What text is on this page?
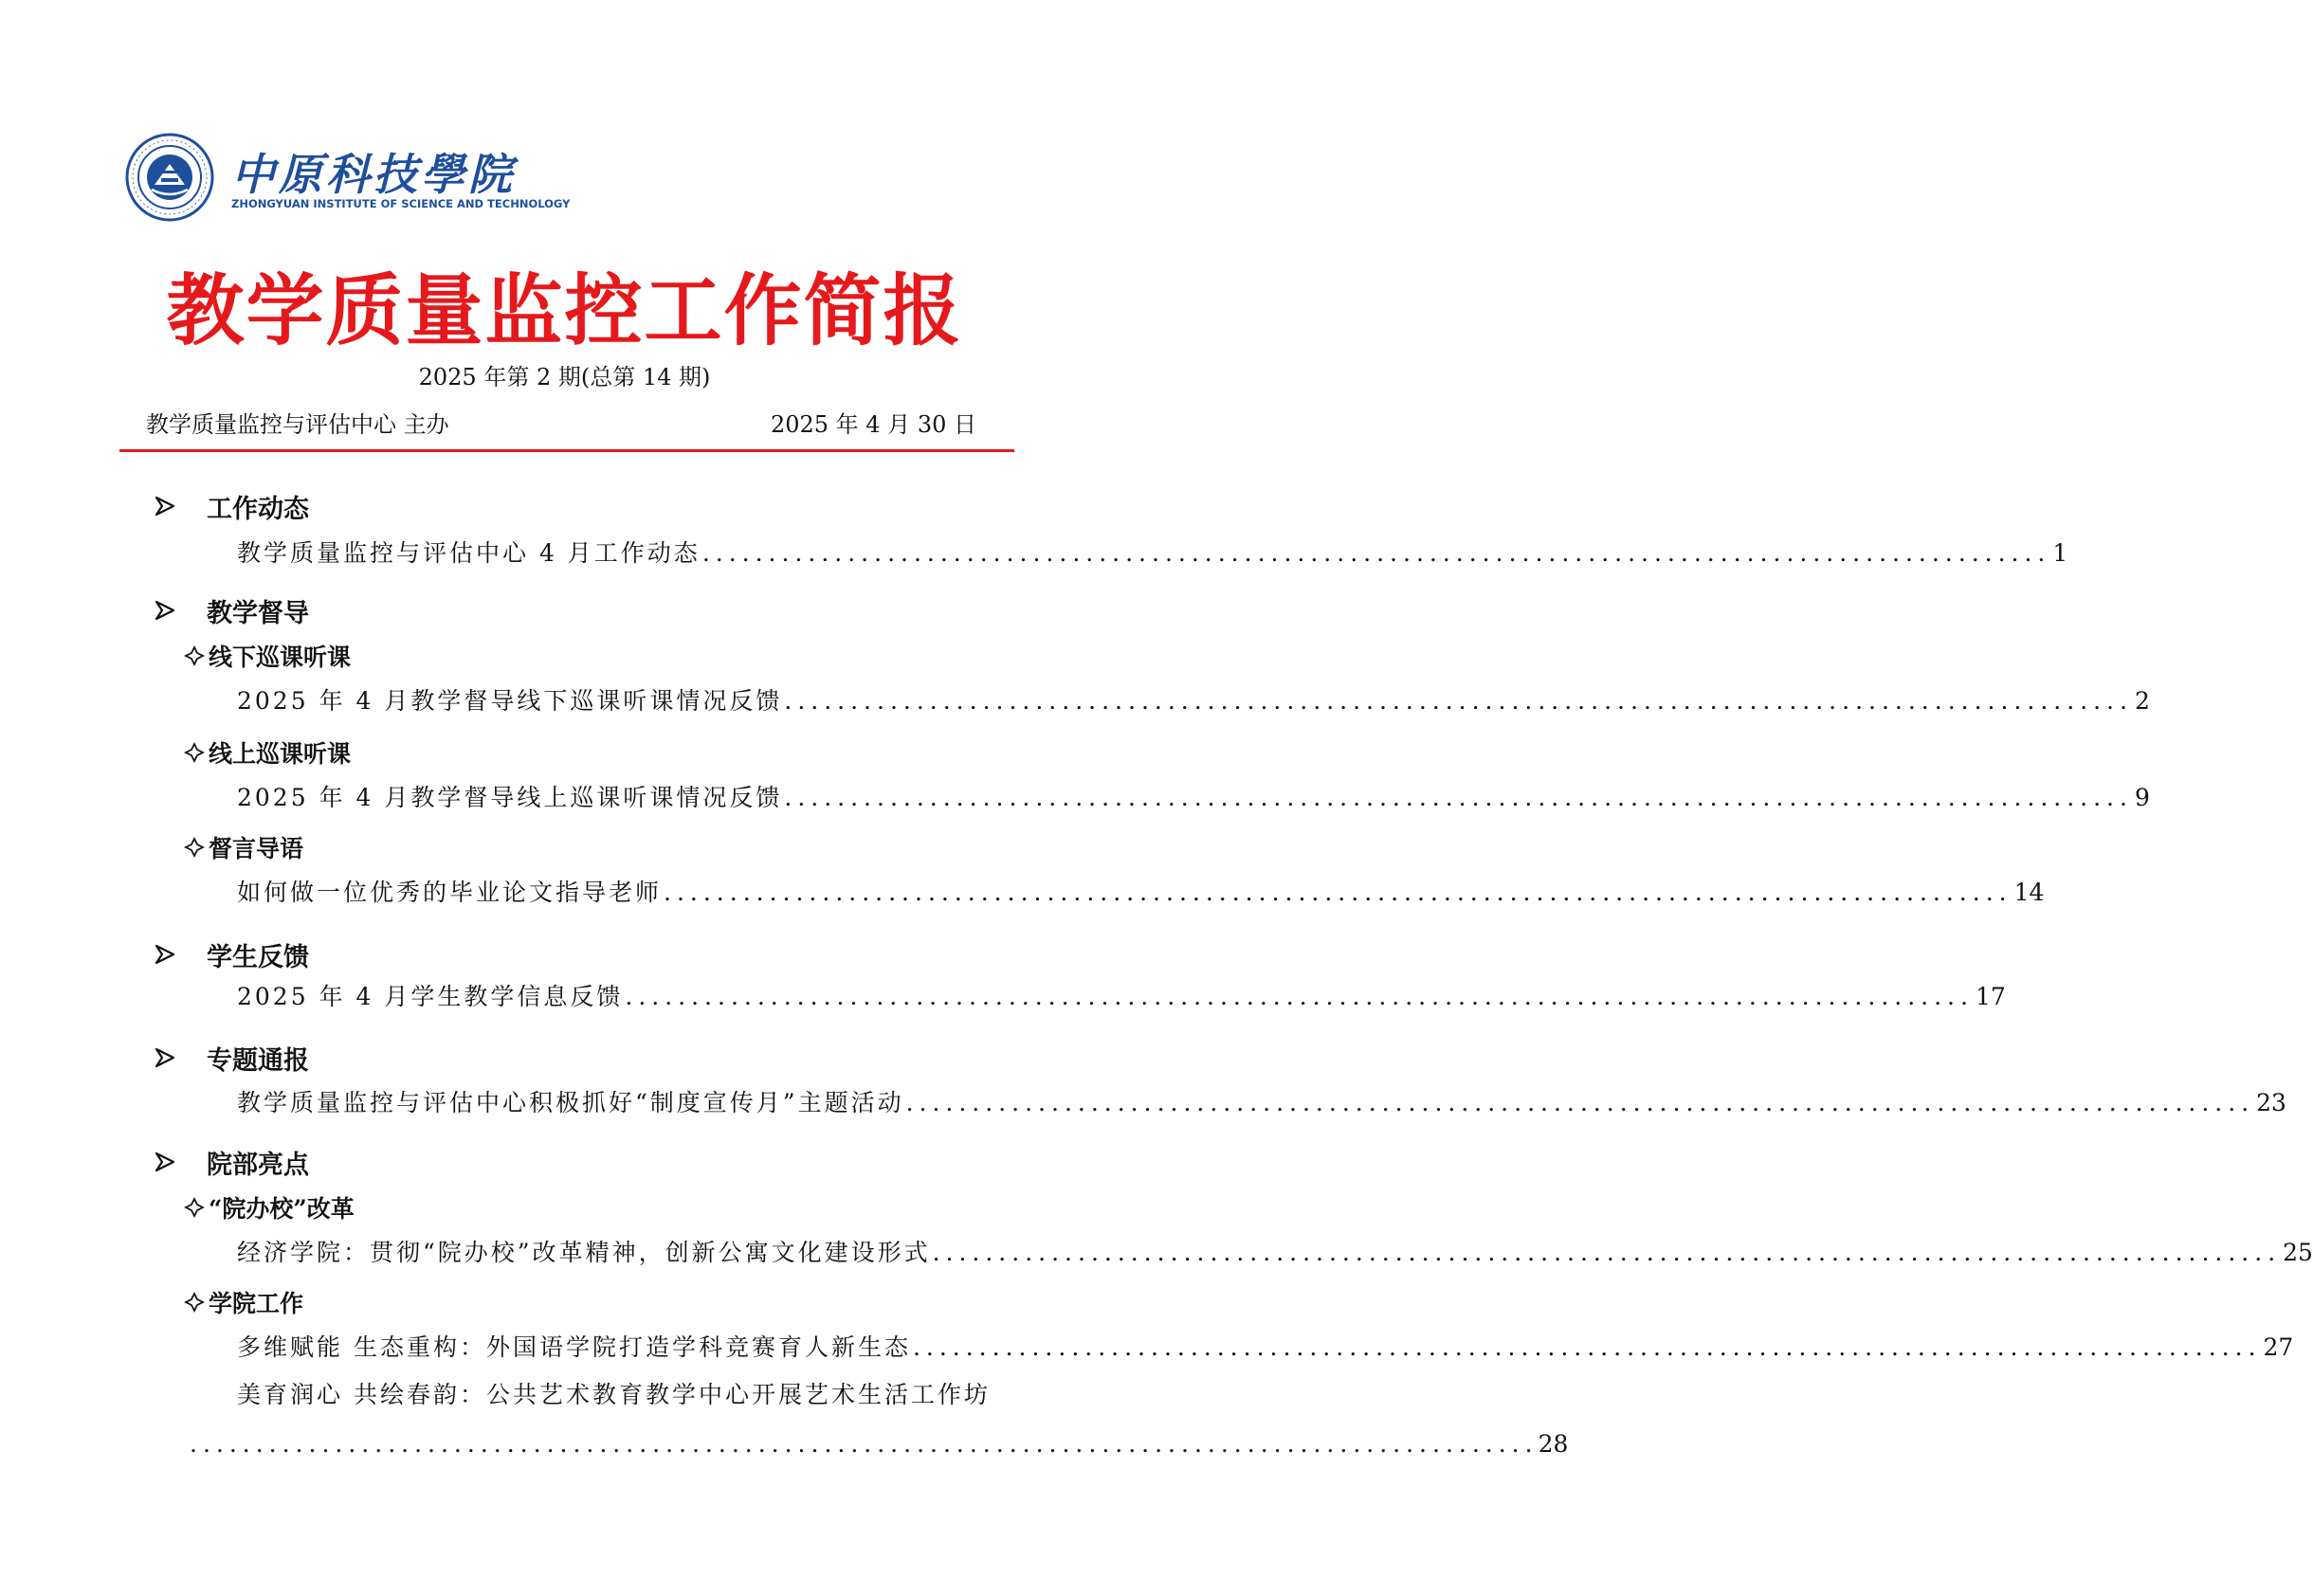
中原科技學院
ZHONGYUAN INSTITUTE OF SCIENCE AND TECHNOLOGY
教学质量监控工作简报
2025 年第 2 期(总第 14 期)
教学质量监控与评估中心 主办	2025 年 4 月 30 日
工作动态
教学质量监控与评估中心 4 月工作动态 ...................................................................................................... 1
教学督导
线下巡课听课
2025 年 4 月教学督导线下巡课听课情况反馈 ...................................................................................................... 2
线上巡课听课
2025 年 4 月教学督导线上巡课听课情况反馈 ...................................................................................................... 9
督言导语
如何做一位优秀的毕业论文指导老师 ...................................................................................................... 14
学生反馈
2025 年 4 月学生教学信息反馈 ...................................................................................................... 17
专题通报
教学质量监控与评估中心积极抓好“制度宣传月”主题活动 ...................................................................................................... 23
院部亮点
“院办校”改革
经济学院：贯彻“院办校”改革精神，创新公寓文化建设形式 ...................................................................................................... 25
学院工作
多维赋能 生态重构：外国语学院打造学科竞赛育人新生态 ...................................................................................................... 27
美育润心 共绘春韵：公共艺术教育教学中心开展艺术生活工作坊
...................................................................................................... 28
